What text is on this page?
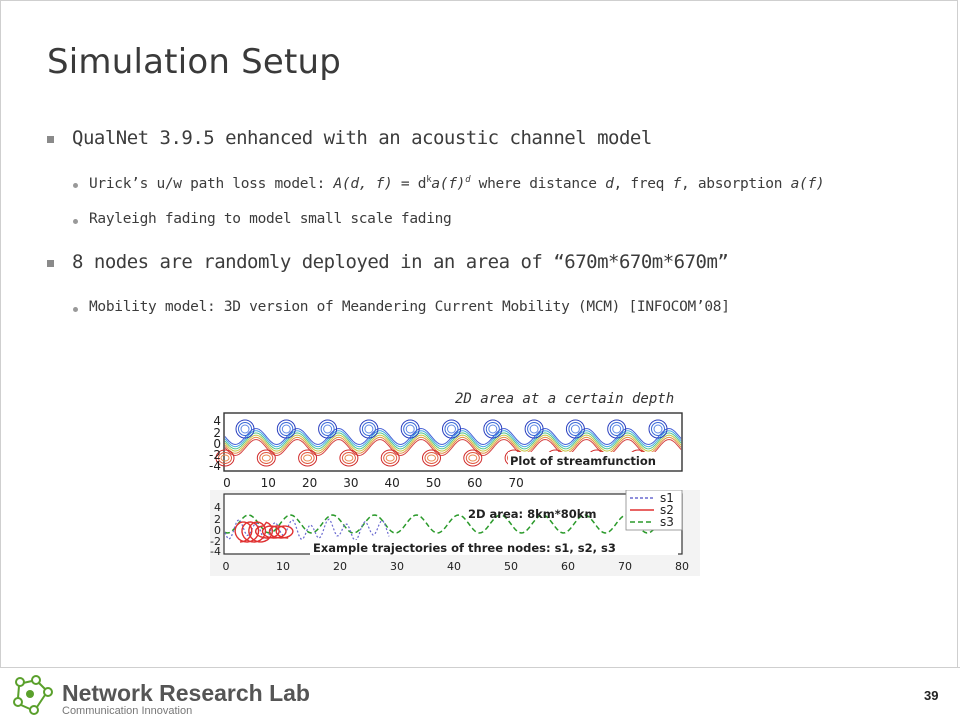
Simulation Setup
QualNet 3.9.5 enhanced with an acoustic channel model
Urick’s u/w path loss model: A(d, $f) = d^ka(f)^d$ where distance d, freq f, absorption a(f)
Rayleigh fading to model small scale fading
8 nodes are randomly deployed in an area of “670m*670m*670m”
Mobility model: 3D version of Meandering Current Mobility (MCM) [INFOCOM’08]
2D area at a certain depth
4
2
0
-2
-4
0 10 20 30 40 50 60 70
Plot of streamfunction
4
2
0
-2
-4
0	10	20	30	40	50	60	70	80
2D area: 8km*80km
Example trajectories of three nodes: s1, s2, s3
s1
s2
s3
Network Research Lab
Communication Innovation
39
